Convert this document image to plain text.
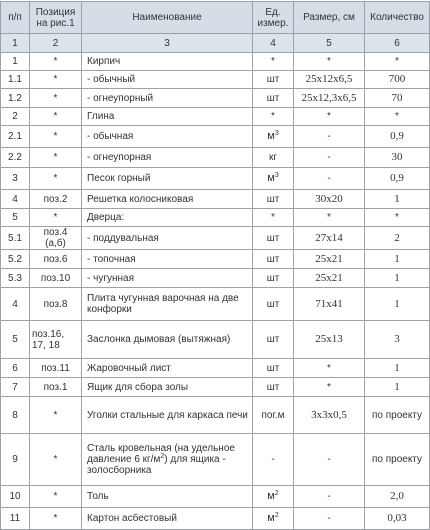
п/п	Позиция на рис.1	Наименование	Ед. измер.	Размер, см	Количество
1	2	3	4	5	6
1	*	Кирпич	*	*	*
1.1	*	- обычный	шт	25x12x6,5	700
1.2	*	- огнеупорный	шт	25x12,3x6,5	70
2	*	Глина	*	*	*
2.1	*	- обычная	$м^3$	-	0,9
2.2	*	- огнеупорная	кг	-	30
3	*	Песок горный	$м^3$	-	0,9
4	поз.2	Решетка колосниковая	шт	30x20	1
5	*	Дверца:	*	*	*
5.1	поз.4 (а,б)	- поддувальная	шт	27x14	2
5.2	поз.6	- топочная	шт	25x21	1
5.3	поз.10	- чугунная	шт	25x21	1
4	поз.8	Плита чугунная варочная на две конфорки	шт	71x41	1
5	поз.16, 17, 18	Заслонка дымовая (вытяжная)	шт	25x13	3
6	поз.11	Жаровочный лист	шт	*	1
7	поз.1	Ящик для сбора золы	шт	*	1
8	*	Уголки стальные для каркаса печи	пог.м	3x3x0,5	по проекту
9	*	Сталь кровельная (на удельное давление 6 $кг/м^2$) для ящика - золосборника	-	-	по проекту
10	*	Толь	$м^2$	-	2,0
11	*	Картон асбестовый	$м^2$	-	0,03
